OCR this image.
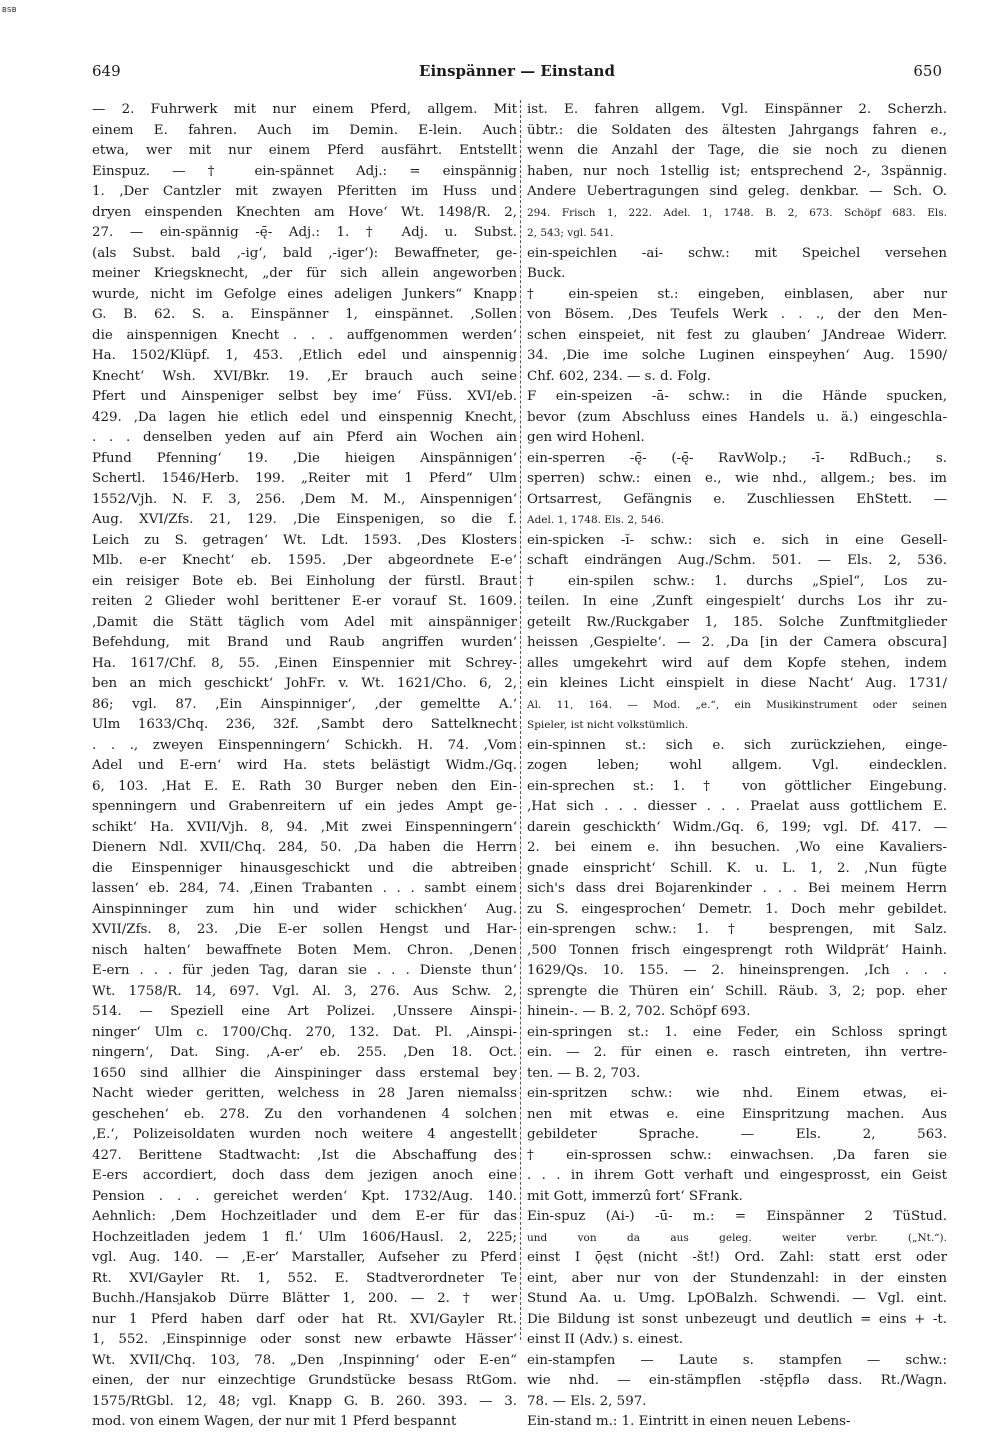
BSB
649	Einspänner — Einstand	650
— 2. Fuhrwerk mit nur einem Pferd, allgem. Mit
einem E. fahren. Auch im Demin. E-lein. Auch
etwa, wer mit nur einem Pferd ausfährt. Entstellt
Einspuz. — † ein-spännet Adj.: = einspännig
1. ‚Der Cantzler mit zwayen Pferitten im Huss und
dryen einspenden Knechten am Hove‘ Wt. 1498/R. 2,
27. — ein-spännig -ę̄- Adj.: 1. † Adj. u. Subst.
(als Subst. bald ‚-ig‘, bald ‚-iger‘): Bewaffneter, ge-
meiner Kriegsknecht, „der für sich allein angeworben
wurde, nicht im Gefolge eines adeligen Junkers“ Knapp
G. B. 62. S. a. Einspänner 1, einspännet. ‚Sollen
die ainspennigen Knecht . . . auffgenommen werden‘
Ha. 1502/Klüpf. 1, 453. ‚Etlich edel und ainspennig
Knecht‘ Wsh. XVI/Bkr. 19. ‚Er brauch auch seine
Pfert und Ainspeniger selbst bey ime‘ Füss. XVI/eb.
429. ‚Da lagen hie etlich edel und einspennig Knecht,
. . . denselben yeden auf ain Pferd ain Wochen ain
Pfund Pfenning‘ 19. ‚Die hieigen Ainspännigen‘
Schertl. 1546/Herb. 199. „Reiter mit 1 Pferd“ Ulm
1552/Vjh. N. F. 3, 256. ‚Dem M. M., Ainspennigen‘
Aug. XVI/Zfs. 21, 129. ‚Die Einspenigen, so die f.
Leich zu S. getragen‘ Wt. Ldt. 1593. ‚Des Klosters
Mlb. e-er Knecht‘ eb. 1595. ‚Der abgeordnete E-e‘
ein reisiger Bote eb. Bei Einholung der fürstl. Braut
reiten 2 Glieder wohl berittener E-er vorauf St. 1609.
‚Damit die Stätt täglich vom Adel mit ainspänniger
Befehdung, mit Brand und Raub angriffen wurden‘
Ha. 1617/Chf. 8, 55. ‚Einen Einspennier mit Schrey-
ben an mich geschickt‘ JohFr. v. Wt. 1621/Cho. 6, 2,
86; vgl. 87. ‚Ein Ainspinniger‘, ‚der gemeltte A.‘
Ulm 1633/Chq. 236, 32f. ‚Sambt dero Sattelknecht
. . ., zweyen Einspenningern‘ Schickh. H. 74. ‚Vom
Adel und E-ern‘ wird Ha. stets belästigt Widm./Gq.
6, 103. ‚Hat E. E. Rath 30 Burger neben den Ein-
spenningern und Grabenreitern uf ein jedes Ampt ge-
schikt‘ Ha. XVII/Vjh. 8, 94. ‚Mit zwei Einspenningern‘
Dienern Ndl. XVII/Chq. 284, 50. ‚Da haben die Herrn
die Einspenniger hinausgeschickt und die abtreiben
lassen‘ eb. 284, 74. ‚Einen Trabanten . . . sambt einem
Ainspinninger zum hin und wider schickhen‘ Aug.
XVII/Zfs. 8, 23. ‚Die E-er sollen Hengst und Har-
nisch halten‘ bewaffnete Boten Mem. Chron. ‚Denen
E-ern . . . für jeden Tag, daran sie . . . Dienste thun‘
Wt. 1758/R. 14, 697. Vgl. Al. 3, 276. Aus Schw. 2,
514. — Speziell eine Art Polizei. ‚Unssere Ainspi-
ninger‘ Ulm c. 1700/Chq. 270, 132. Dat. Pl. ‚Ainspi-
ningern‘, Dat. Sing. ‚A-er‘ eb. 255. ‚Den 18. Oct.
1650 sind allhier die Ainspininger dass erstemal bey
Nacht wieder geritten, welchess in 28 Jaren niemalss
geschehen‘ eb. 278. Zu den vorhandenen 4 solchen
‚E.‘, Polizeisoldaten wurden noch weitere 4 angestellt
427. Berittene Stadtwacht: ‚Ist die Abschaffung des
E-ers accordiert, doch dass dem jezigen anoch eine
Pension . . . gereichet werden‘ Kpt. 1732/Aug. 140.
Aehnlich: ‚Dem Hochzeitlader und dem E-er für das
Hochzeitladen jedem 1 fl.‘ Ulm 1606/Hausl. 2, 225;
vgl. Aug. 140. — ‚E-er‘ Marstaller, Aufseher zu Pferd
Rt. XVI/Gayler Rt. 1, 552. E. Stadtverordneter Te
Buchh./Hansjakob Dürre Blätter 1, 200. — 2. † wer
nur 1 Pferd haben darf oder hat Rt. XVI/Gayler Rt.
1, 552. ‚Einspinnige oder sonst new erbawte Hässer‘
Wt. XVII/Chq. 103, 78. „Den ‚Inspinning‘ oder E-en“
einen, der nur einzechtige Grundstücke besass RtGom.
1575/RtGbl. 12, 48; vgl. Knapp G. B. 260. 393. — 3.
mod. von einem Wagen, der nur mit 1 Pferd bespannt
ist. E. fahren allgem. Vgl. Einspänner 2. Scherzh.
übtr.: die Soldaten des ältesten Jahrgangs fahren e.,
wenn die Anzahl der Tage, die sie noch zu dienen
haben, nur noch 1stellig ist; entsprechend 2-, 3spännig.
Andere Uebertragungen sind geleg. denkbar. — Sch. O.
294. Frisch 1, 222. Adel. 1, 1748. B. 2, 673. Schöpf 683. Els.
2, 543; vgl. 541.
ein-speichlen -ai- schw.: mit Speichel versehen
Buck.
† ein-speien st.: eingeben, einblasen, aber nur
von Bösem. ‚Des Teufels Werk . . ., der den Men-
schen einspeiet, nit fest zu glauben‘ JAndreae Widerr.
34. ‚Die ime solche Luginen einspeyhen‘ Aug. 1590/
Chf. 602, 234. — s. d. Folg.
F ein-speizen -ā- schw.: in die Hände spucken,
bevor (zum Abschluss eines Handels u. ä.) eingeschla-
gen wird Hohenl.
ein-sperren -ę̄- (-ę̄- RavWolp.; -ī- RdBuch.; s.
sperren) schw.: einen e., wie nhd., allgem.; bes. im
Ortsarrest, Gefängnis e. Zuschliessen EhStett. —
Adel. 1, 1748. Els. 2, 546.
ein-spicken -ĭ- schw.: sich e. sich in eine Gesell-
schaft eindrängen Aug./Schm. 501. — Els. 2, 536.
† ein-spilen schw.: 1. durchs „Spiel“, Los zu-
teilen. In eine ‚Zunft eingespielt‘ durchs Los ihr zu-
geteilt Rw./Ruckgaber 1, 185. Solche Zunftmitglieder
heissen ‚Gespielte‘. — 2. ‚Da [in der Camera obscura]
alles umgekehrt wird auf dem Kopfe stehen, indem
ein kleines Licht einspielt in diese Nacht‘ Aug. 1731/
Al. 11, 164. — Mod. „e.“, ein Musikinstrument oder seinen
Spieler, ist nicht volkstümlich.
ein-spinnen st.: sich e. sich zurückziehen, einge-
zogen leben; wohl allgem. Vgl. eindecklen.
ein-sprechen st.: 1. † von göttlicher Eingebung.
‚Hat sich . . . diesser . . . Praelat auss gottlichem E.
darein geschickth‘ Widm./Gq. 6, 199; vgl. Df. 417. —
2. bei einem e. ihn besuchen. ‚Wo eine Kavaliers-
gnade einspricht‘ Schill. K. u. L. 1, 2. ‚Nun fügte
sich's dass drei Bojarenkinder . . . Bei meinem Herrn
zu S. eingesprochen‘ Demetr. 1. Doch mehr gebildet.
ein-sprengen schw.: 1. † besprengen, mit Salz.
‚500 Tonnen frisch eingesprengt roth Wildprät‘ Hainh.
1629/Qs. 10. 155. — 2. hineinsprengen. ‚Ich . . .
sprengte die Thüren ein‘ Schill. Räub. 3, 2; pop. eher
hinein-. — B. 2, 702. Schöpf 693.
ein-springen st.: 1. eine Feder, ein Schloss springt
ein. — 2. für einen e. rasch eintreten, ihn vertre-
ten. — B. 2, 703.
ein-spritzen schw.: wie nhd. Einem etwas, ei-
nen mit etwas e. eine Einspritzung machen. Aus
gebildeter Sprache. — Els. 2, 563.
† ein-sprossen schw.: einwachsen. ‚Da faren sie
. . . in ihrem Gott verhaft und eingesprosst, ein Geist
mit Gott, immerzû fort‘ SFrank.
Ein-spuz (Ai-) -ū- m.: = Einspänner 2 TüStud.
und von da aus geleg. weiter verbr. („Nt.“).
einst I ǭęst (nicht -št!) Ord. Zahl: statt erst oder
eint, aber nur von der Stundenzahl: in der einsten
Stund Aa. u. Umg. LpOBalzh. Schwendi. — Vgl. eint.
Die Bildung ist sonst unbezeugt und deutlich = eins + -t.
einst II (Adv.) s. einest.
ein-stampfen — Laute s. stampfen — schw.:
wie nhd. — ein-stämpflen -stę̄pflə dass. Rt./Wagn.
78. — Els. 2, 597.
Ein-stand m.: 1. Eintritt in einen neuen Lebens-
